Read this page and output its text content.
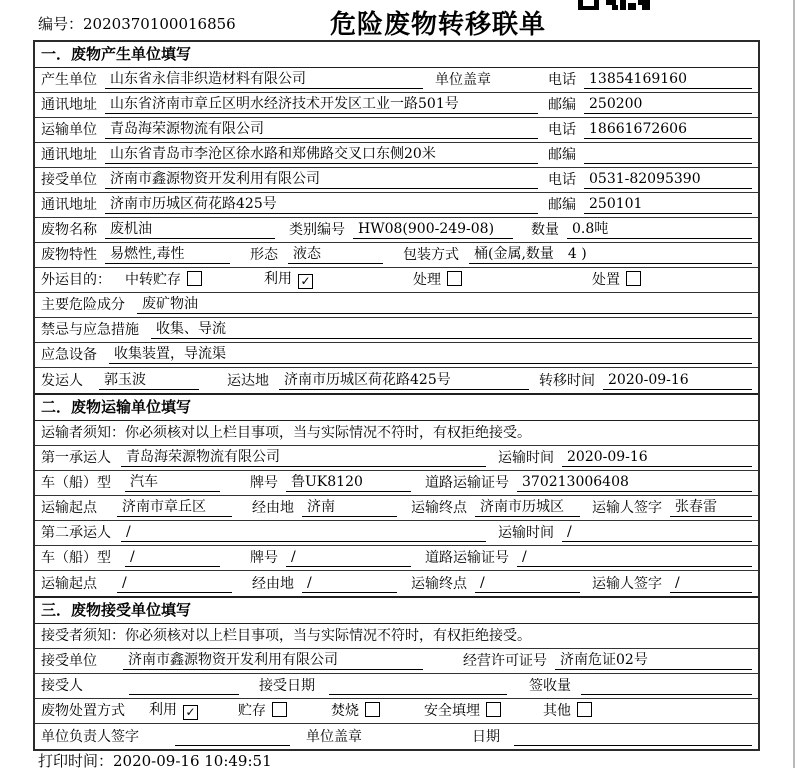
编号：2020370100016856	危险废物转移联单
一．废物产生单位填写
产生单位 山东省永信非织造材料有限公司	单位盖章	电话 13854169160
通讯地址 山东省济南市章丘区明水经济技术开发区工业一路501号	邮编 250200
运输单位 青岛海荣源物流有限公司	电话 18661672606
通讯地址 山东省青岛市李沧区徐水路和郑佛路交叉口东侧20米	邮编
接受单位 济南市鑫源物资开发利用有限公司	电话 0531-82095390
通讯地址 济南市历城区荷花路425号	邮编 250101
废物名称 废机油	类别编号 HW08(900-249-08)	数量 0.8吨
废物特性 易燃性,毒性	形态	液态	包装方式	桶(金属,数量　4 )
外运目的： 中转贮存	利用 ✓	处理	处置
主要危险成分	废矿物油
禁忌与应急措施	收集、导流
应急设备	收集装置，导流渠
发运人	郭玉波	运达地	济南市历城区荷花路425号	转移时间 2020-09-16
二．废物运输单位填写
运输者须知：你必须核对以上栏目事项，当与实际情况不符时，有权拒绝接受。
第一承运人	青岛海荣源物流有限公司	运输时间 2020-09-16
车（船）型	汽车	牌号 鲁UK8120	道路运输证号 370213006408
运输起点	济南市章丘区	经由地 济南	运输终点 济南市历城区	运输人签字 张春雷
第二承运人	/	运输时间 /
车（船）型	/	牌号 /	道路运输证号 /
运输起点	/	经由地 /	运输终点 /	运输人签字 /
三．废物接受单位填写
接受者须知：你必须核对以上栏目事项，当与实际情况不符时，有权拒绝接受。
接受单位	济南市鑫源物资开发利用有限公司	经营许可证号 济南危证02号
接受人	接受日期	签收量
废物处置方式 利用 ✓	贮存	焚烧	安全填埋	其他
单位负责人签字	单位盖章	日期
打印时间：2020-09-16 10:49:51
